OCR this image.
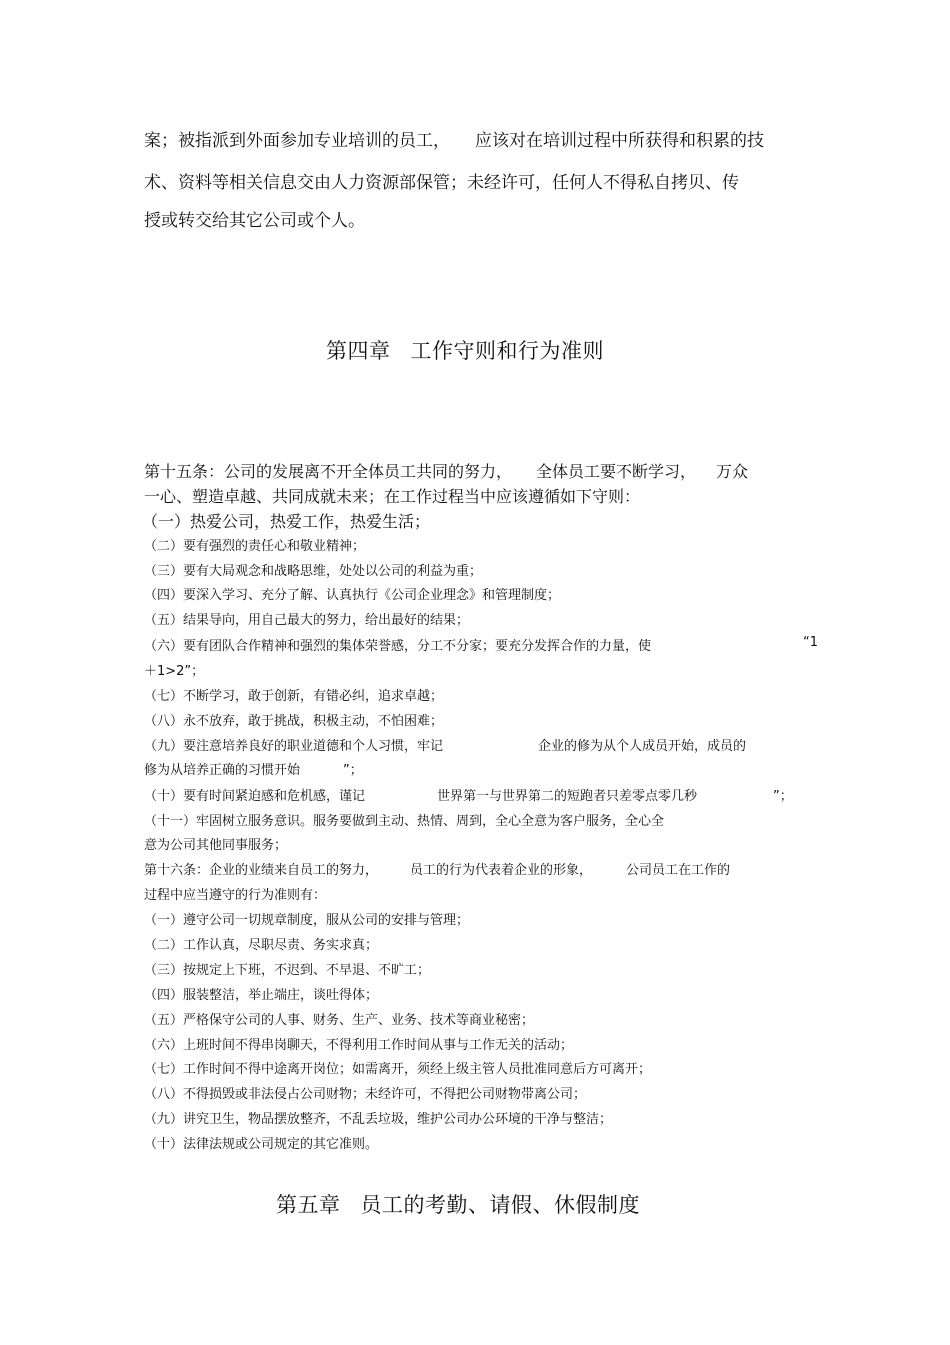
案；被指派到外面参加专业培训的员工， 应该对在培训过程中所获得和积累的技
术、资料等相关信息交由人力资源部保管；未经许可，任何人不得私自拷贝、传
授或转交给其它公司或个人。
第四章 工作守则和行为准则
第十五条：公司的发展离不开全体员工共同的努力， 全体员工要不断学习， 万众
一心、塑造卓越、共同成就未来；在工作过程当中应该遵循如下守则：
（一）热爱公司，热爱工作，热爱生活；
（二）要有强烈的责任心和敬业精神；
（三）要有大局观念和战略思维，处处以公司的利益为重；
（四）要深入学习、充分了解、认真执行《公司企业理念》和管理制度；
（五）结果导向，用自己最大的努力，给出最好的结果；
（六）要有团队合作精神和强烈的集体荣誉感，分工不分家；要充分发挥合作的力量，使	“1
＋1>2”；
（七）不断学习，敢于创新，有错必纠，追求卓越；
（八）永不放弃，敢于挑战，积极主动，不怕困难；
（九）要注意培养良好的职业道德和个人习惯，牢记	企业的修为从个人成员开始，成员的
修为从培养正确的习惯开始	”；
（十）要有时间紧迫感和危机感，谨记	世界第一与世界第二的短跑者只差零点零几秒	”；
（十一）牢固树立服务意识。服务要做到主动、热情、周到，全心全意为客户服务，全心全
意为公司其他同事服务；
第十六条：企业的业绩来自员工的努力， 员工的行为代表着企业的形象，	公司员工在工作的
过程中应当遵守的行为准则有：
（一）遵守公司一切规章制度，服从公司的安排与管理；
（二）工作认真，尽职尽责、务实求真；
（三）按规定上下班，不迟到、不早退、不旷工；
（四）服装整洁，举止端庄，谈吐得体；
（五）严格保守公司的人事、财务、生产、业务、技术等商业秘密；
（六）上班时间不得串岗聊天，不得利用工作时间从事与工作无关的活动；
（七）工作时间不得中途离开岗位；如需离开，须经上级主管人员批准同意后方可离开；
（八）不得损毁或非法侵占公司财物；未经许可，不得把公司财物带离公司；
（九）讲究卫生，物品摆放整齐，不乱丢垃圾，维护公司办公环境的干净与整洁；
（十）法律法规或公司规定的其它准则。
第五章 员工的考勤、请假、休假制度
